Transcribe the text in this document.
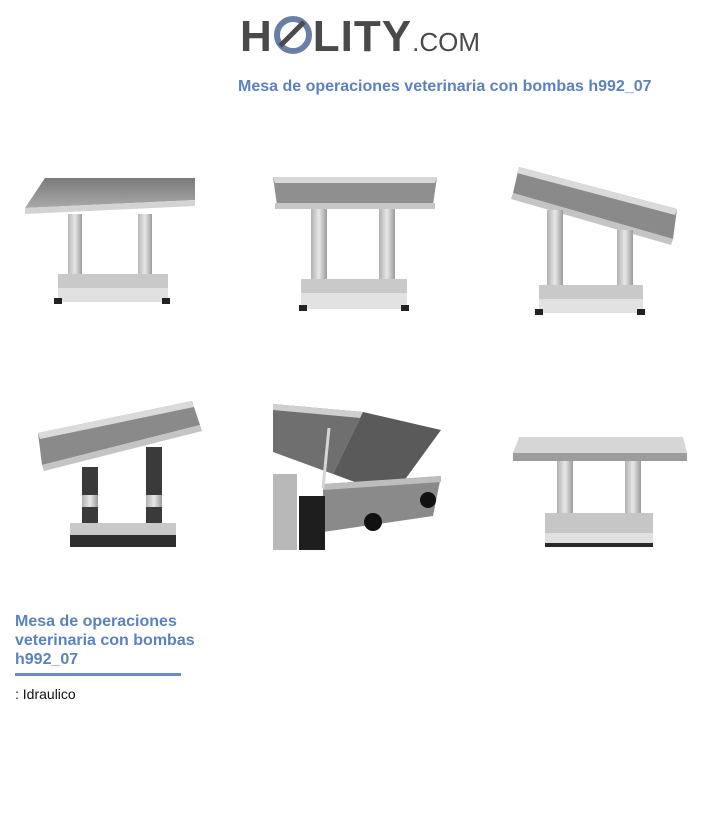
H LITY.COM
Mesa de operaciones veterinaria con bombas h992_07
Mesa de operaciones veterinaria con bombas h992_07
: Idraulico
